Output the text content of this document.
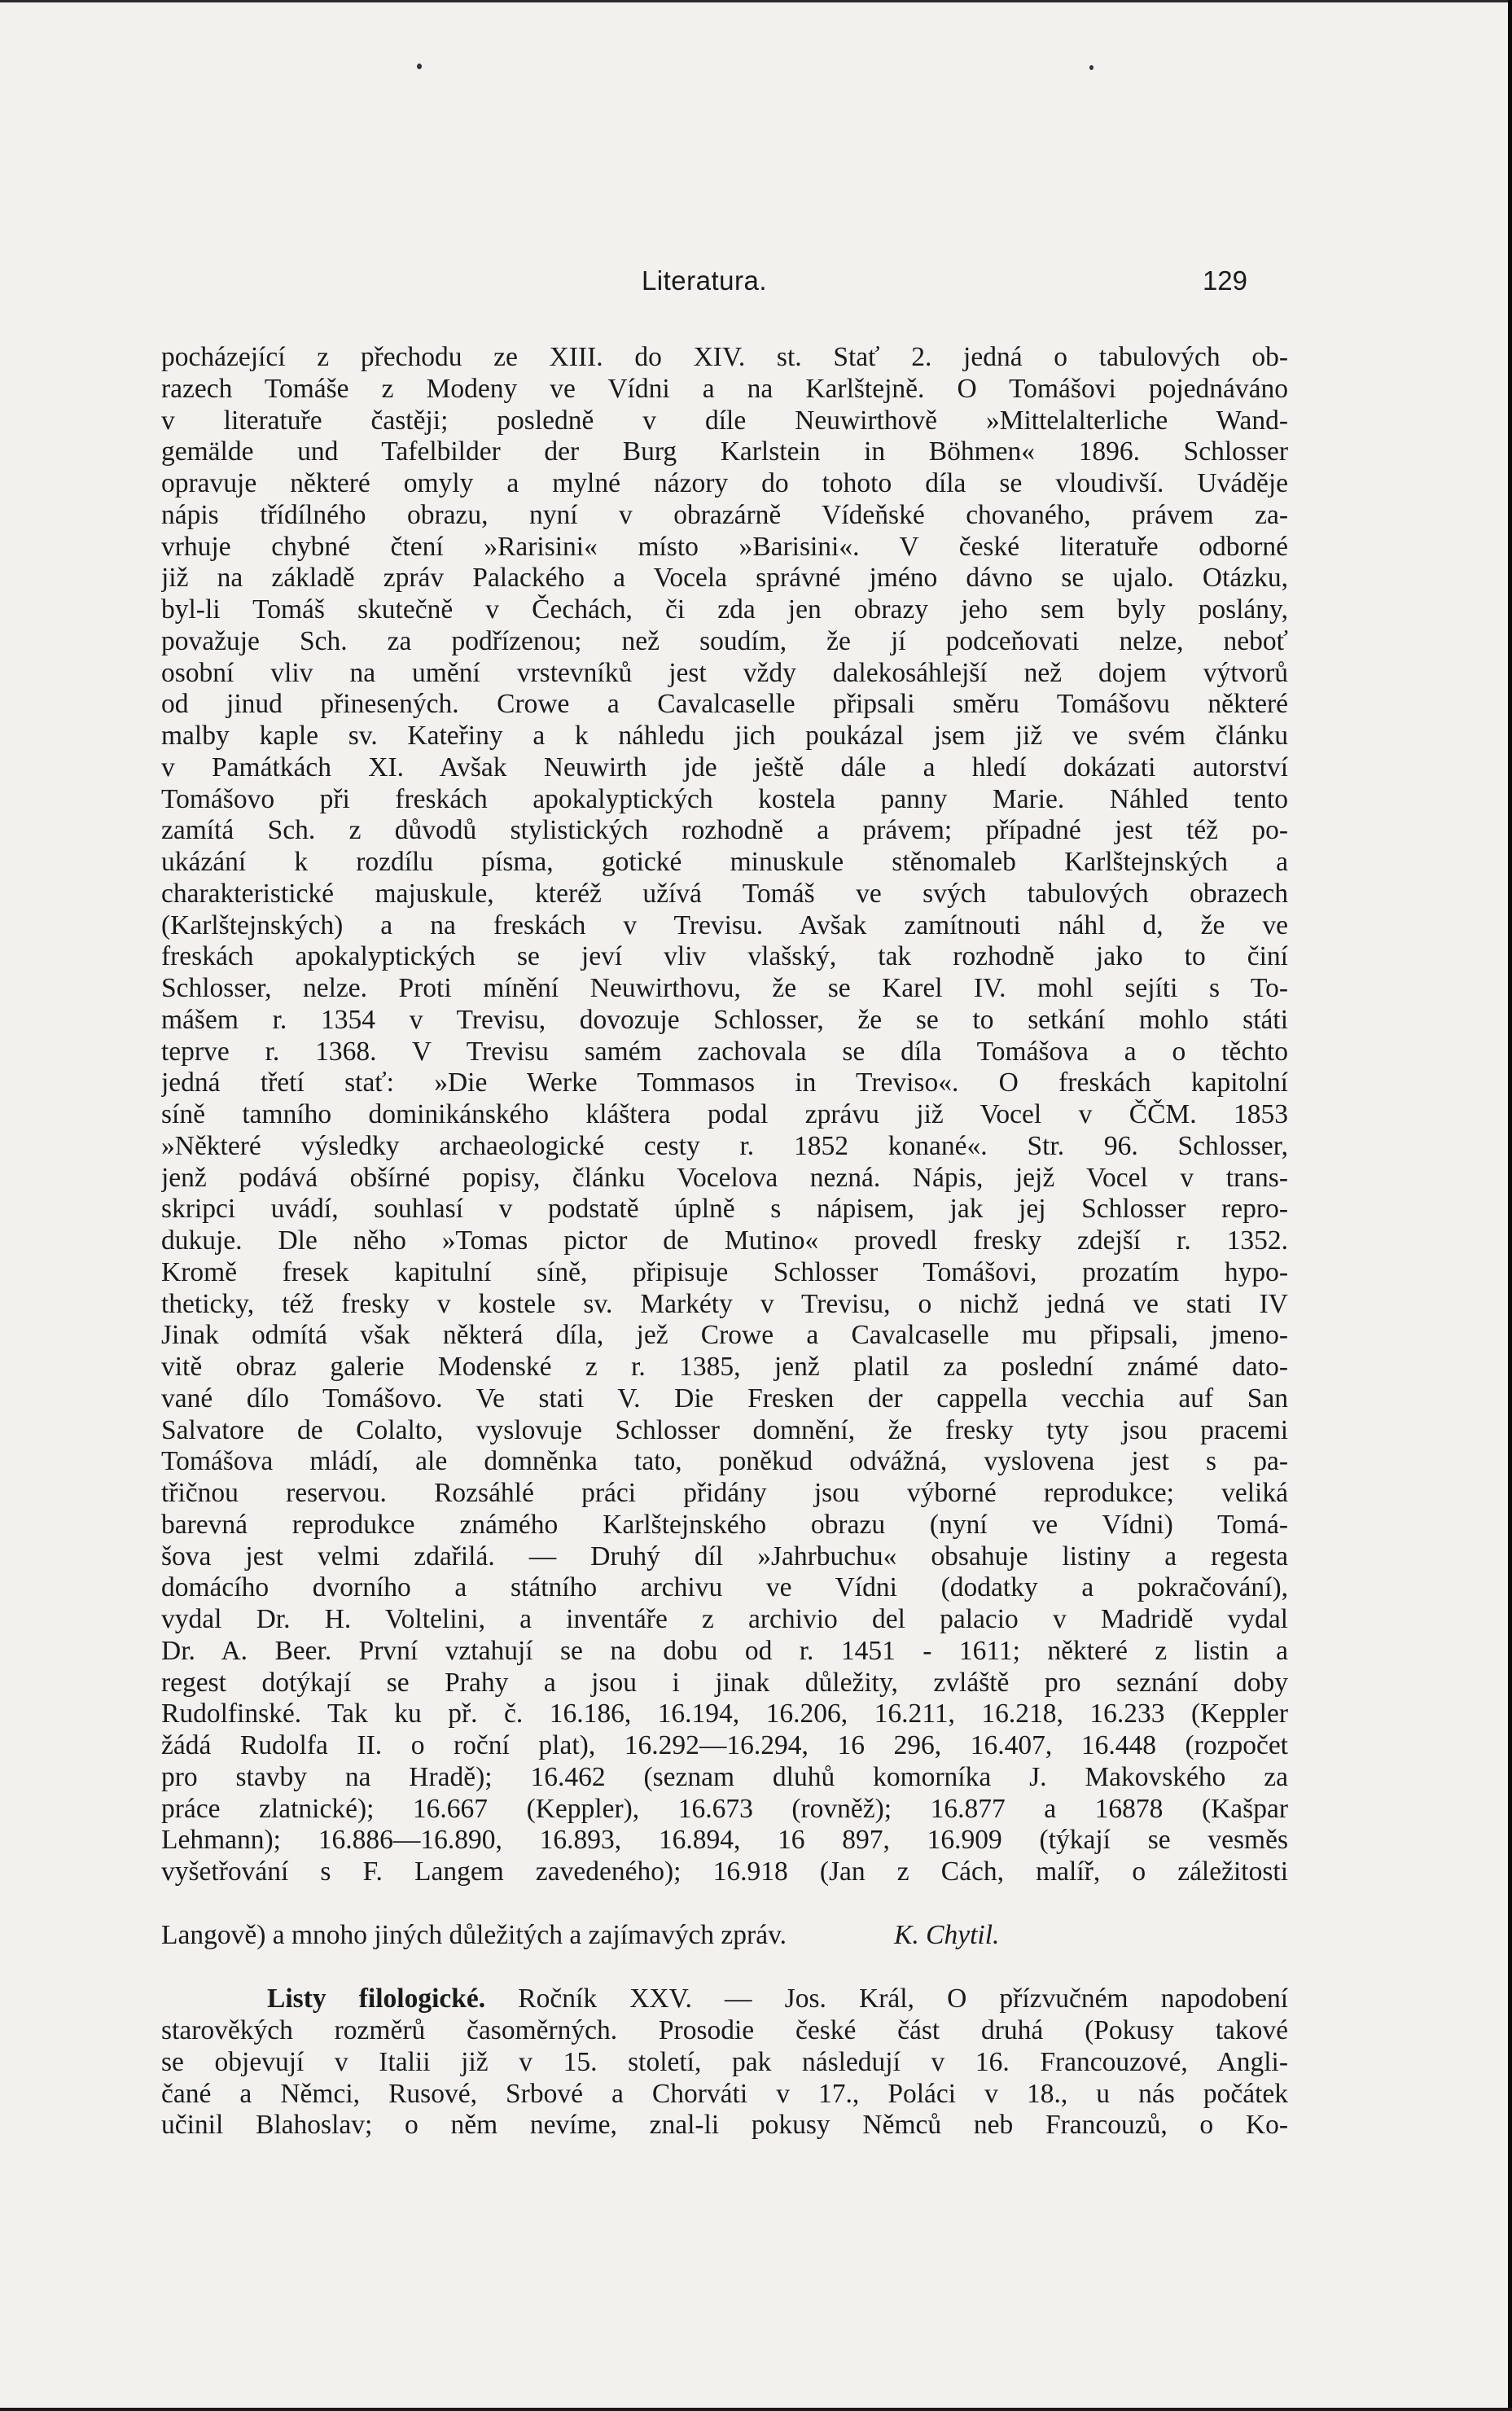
Literatura.	129
pocházející z přechodu ze XIII. do XIV. st. Stať 2. jedná o tabulových ob-
razech Tomáše z Modeny ve Vídni a na Karlštejně. O Tomášovi pojednáváno
v literatuře častěji; posledně v díle Neuwirthově »Mittelalterliche Wand-
gemälde und Tafelbilder der Burg Karlstein in Böhmen« 1896. Schlosser
opravuje některé omyly a mylné názory do tohoto díla se vloudivší. Uváděje
nápis třídílného obrazu, nyní v obrazárně Vídeňské chovaného, právem za-
vrhuje chybné čtení »Rarisini« místo »Barisini«. V české literatuře odborné
již na základě zpráv Palackého a Vocela správné jméno dávno se ujalo. Otázku,
byl-li Tomáš skutečně v Čechách, či zda jen obrazy jeho sem byly poslány,
považuje Sch. za podřízenou; než soudím, že jí podceňovati nelze, neboť
osobní vliv na umění vrstevníků jest vždy dalekosáhlejší než dojem výtvorů
od jinud přinesených. Crowe a Cavalcaselle připsali směru Tomášovu některé
malby kaple sv. Kateřiny a k náhledu jich poukázal jsem již ve svém článku
v Památkách XI. Avšak Neuwirth jde ještě dále a hledí dokázati autorství
Tomášovo při freskách apokalyptických kostela panny Marie. Náhled tento
zamítá Sch. z důvodů stylistických rozhodně a právem; případné jest též po-
ukázání k rozdílu písma, gotické minuskule stěnomaleb Karlštejnských a
charakteristické majuskule, kteréž užívá Tomáš ve svých tabulových obrazech
(Karlštejnských) a na freskách v Trevisu. Avšak zamítnouti náhl d, že ve
freskách apokalyptických se jeví vliv vlašský, tak rozhodně jako to činí
Schlosser, nelze. Proti mínění Neuwirthovu, že se Karel IV. mohl sejíti s To-
mášem r. 1354 v Trevisu, dovozuje Schlosser, že se to setkání mohlo státi
teprve r. 1368. V Trevisu samém zachovala se díla Tomášova a o těchto
jedná třetí stať: »Die Werke Tommasos in Treviso«. O freskách kapitolní
síně tamního dominikánského kláštera podal zprávu již Vocel v ČČM. 1853
»Některé výsledky archaeologické cesty r. 1852 konané«. Str. 96. Schlosser,
jenž podává obšírné popisy, článku Vocelova nezná. Nápis, jejž Vocel v trans-
skripci uvádí, souhlasí v podstatě úplně s nápisem, jak jej Schlosser repro-
dukuje. Dle něho »Tomas pictor de Mutino« provedl fresky zdejší r. 1352.
Kromě fresek kapitulní síně, připisuje Schlosser Tomášovi, prozatím hypo-
theticky, též fresky v kostele sv. Markéty v Trevisu, o nichž jedná ve stati IV
Jinak odmítá však některá díla, jež Crowe a Cavalcaselle mu připsali, jmeno-
vitě obraz galerie Modenské z r. 1385, jenž platil za poslední známé dato-
vané dílo Tomášovo. Ve stati V. Die Fresken der cappella vecchia auf San
Salvatore de Colalto, vyslovuje Schlosser domnění, že fresky tyty jsou pracemi
Tomášova mládí, ale domněnka tato, poněkud odvážná, vyslovena jest s pa-
třičnou reservou. Rozsáhlé práci přidány jsou výborné reprodukce; veliká
barevná reprodukce známého Karlštejnského obrazu (nyní ve Vídni) Tomá-
šova jest velmi zdařilá. — Druhý díl »Jahrbuchu« obsahuje listiny a regesta
domácího dvorního a státního archivu ve Vídni (dodatky a pokračování),
vydal Dr. H. Voltelini, a inventáře z archivio del palacio v Madridě vydal
Dr. A. Beer. První vztahují se na dobu od r. 1451 - 1611; některé z listin a
regest dotýkají se Prahy a jsou i jinak důležity, zvláště pro seznání doby
Rudolfinské. Tak ku př. č. 16.186, 16.194, 16.206, 16.211, 16.218, 16.233 (Keppler
žádá Rudolfa II. o roční plat), 16.292—16.294, 16 296, 16.407, 16.448 (rozpočet
pro stavby na Hradě); 16.462 (seznam dluhů komorníka J. Makovského za
práce zlatnické); 16.667 (Keppler), 16.673 (rovněž); 16.877 a 16878 (Kašpar
Lehmann); 16.886—16.890, 16.893, 16.894, 16 897, 16.909 (týkají se vesměs
vyšetřování s F. Langem zavedeného); 16.918 (Jan z Cách, malíř, o záležitosti
Langově) a mnoho jiných důležitých a zajímavých zpráv.	K. Chytil.
Listy filologické. Ročník XXV. — Jos. Král, O přízvučném napodobení
starověkých rozměrů časoměrných. Prosodie české část druhá (Pokusy takové
se objevují v Italii již v 15. století, pak následují v 16. Francouzové, Angli-
čané a Němci, Rusové, Srbové a Chorváti v 17., Poláci v 18., u nás počátek
učinil Blahoslav; o něm nevíme, znal-li pokusy Němců neb Francouzů, o Ko-
